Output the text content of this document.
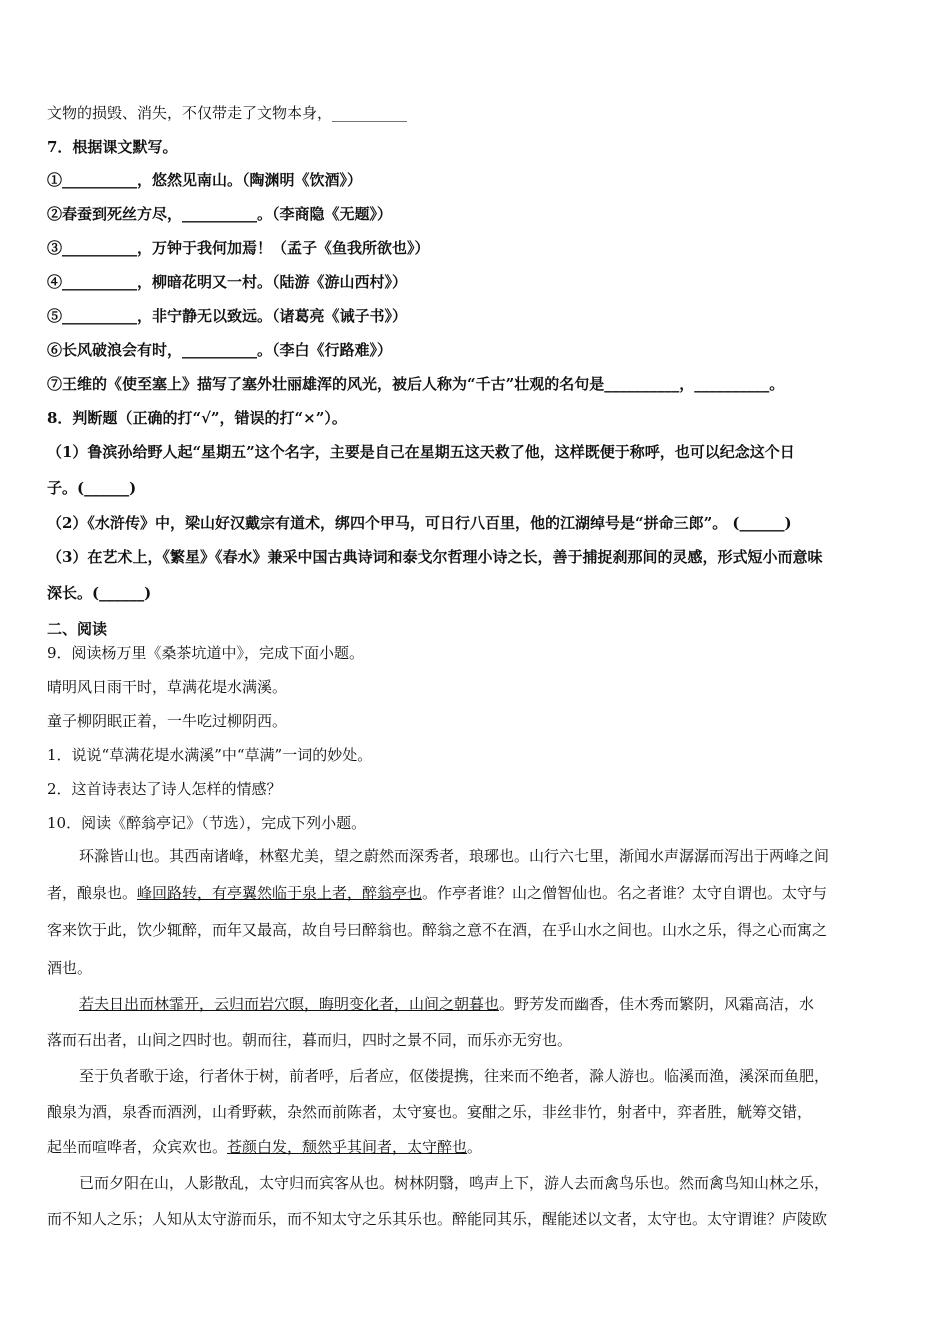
文物的损毁、消失，不仅带走了文物本身，__________
7．根据课文默写。
①__________，悠然见南山。（陶渊明《饮酒》）
②春蚕到死丝方尽，__________。（李商隐《无题》）
③__________，万钟于我何加焉！（孟子《鱼我所欲也》）
④__________，柳暗花明又一村。（陆游《游山西村》）
⑤__________，非宁静无以致远。（诸葛亮《诫子书》）
⑥长风破浪会有时，__________。（李白《行路难》）
⑦王维的《使至塞上》描写了塞外壮丽雄浑的风光，被后人称为“千古”壮观的名句是__________，__________。
8．判断题（正确的打“√”，错误的打“×”）。
（1）鲁滨孙给野人起“星期五”这个名字，主要是自己在星期五这天救了他，这样既便于称呼，也可以纪念这个日
子。(______)
（2）《水浒传》中，梁山好汉戴宗有道术，绑四个甲马，可日行八百里，他的江湖绰号是“拼命三郎”。 (______)
（3）在艺术上，《繁星》《春水》兼采中国古典诗词和泰戈尔哲理小诗之长，善于捕捉刹那间的灵感，形式短小而意味
深长。(______)
二、阅读
9．阅读杨万里《桑茶坑道中》，完成下面小题。
晴明风日雨干时，草满花堤水满溪。
童子柳阴眠正着，一牛吃过柳阴西。
1．说说“草满花堤水满溪”中“草满”一词的妙处。
2．这首诗表达了诗人怎样的情感？
10．阅读《醉翁亭记》（节选），完成下列小题。
环滁皆山也。其西南诸峰，林壑尤美，望之蔚然而深秀者，琅琊也。山行六七里，渐闻水声潺潺而泻出于两峰之间
者，酿泉也。峰回路转，有亭翼然临于泉上者，醉翁亭也。作亭者谁？山之僧智仙也。名之者谁？太守自谓也。太守与
客来饮于此，饮少辄醉，而年又最高，故自号曰醉翁也。醉翁之意不在酒，在乎山水之间也。山水之乐，得之心而寓之
酒也。
若夫日出而林霏开，云归而岩穴暝，晦明变化者，山间之朝暮也。野芳发而幽香，佳木秀而繁阴，风霜高洁，水
落而石出者，山间之四时也。朝而往，暮而归，四时之景不同，而乐亦无穷也。
至于负者歌于途，行者休于树，前者呼，后者应，伛偻提携，往来而不绝者，滁人游也。临溪而渔，溪深而鱼肥，
酿泉为酒，泉香而酒洌，山肴野蔌，杂然而前陈者，太守宴也。宴酣之乐，非丝非竹，射者中，弈者胜，觥筹交错，
起坐而喧哗者，众宾欢也。苍颜白发，颓然乎其间者，太守醉也。
已而夕阳在山，人影散乱，太守归而宾客从也。树林阴翳，鸣声上下，游人去而禽鸟乐也。然而禽鸟知山林之乐，
而不知人之乐；人知从太守游而乐，而不知太守之乐其乐也。醉能同其乐，醒能述以文者，太守也。太守谓谁？庐陵欧
